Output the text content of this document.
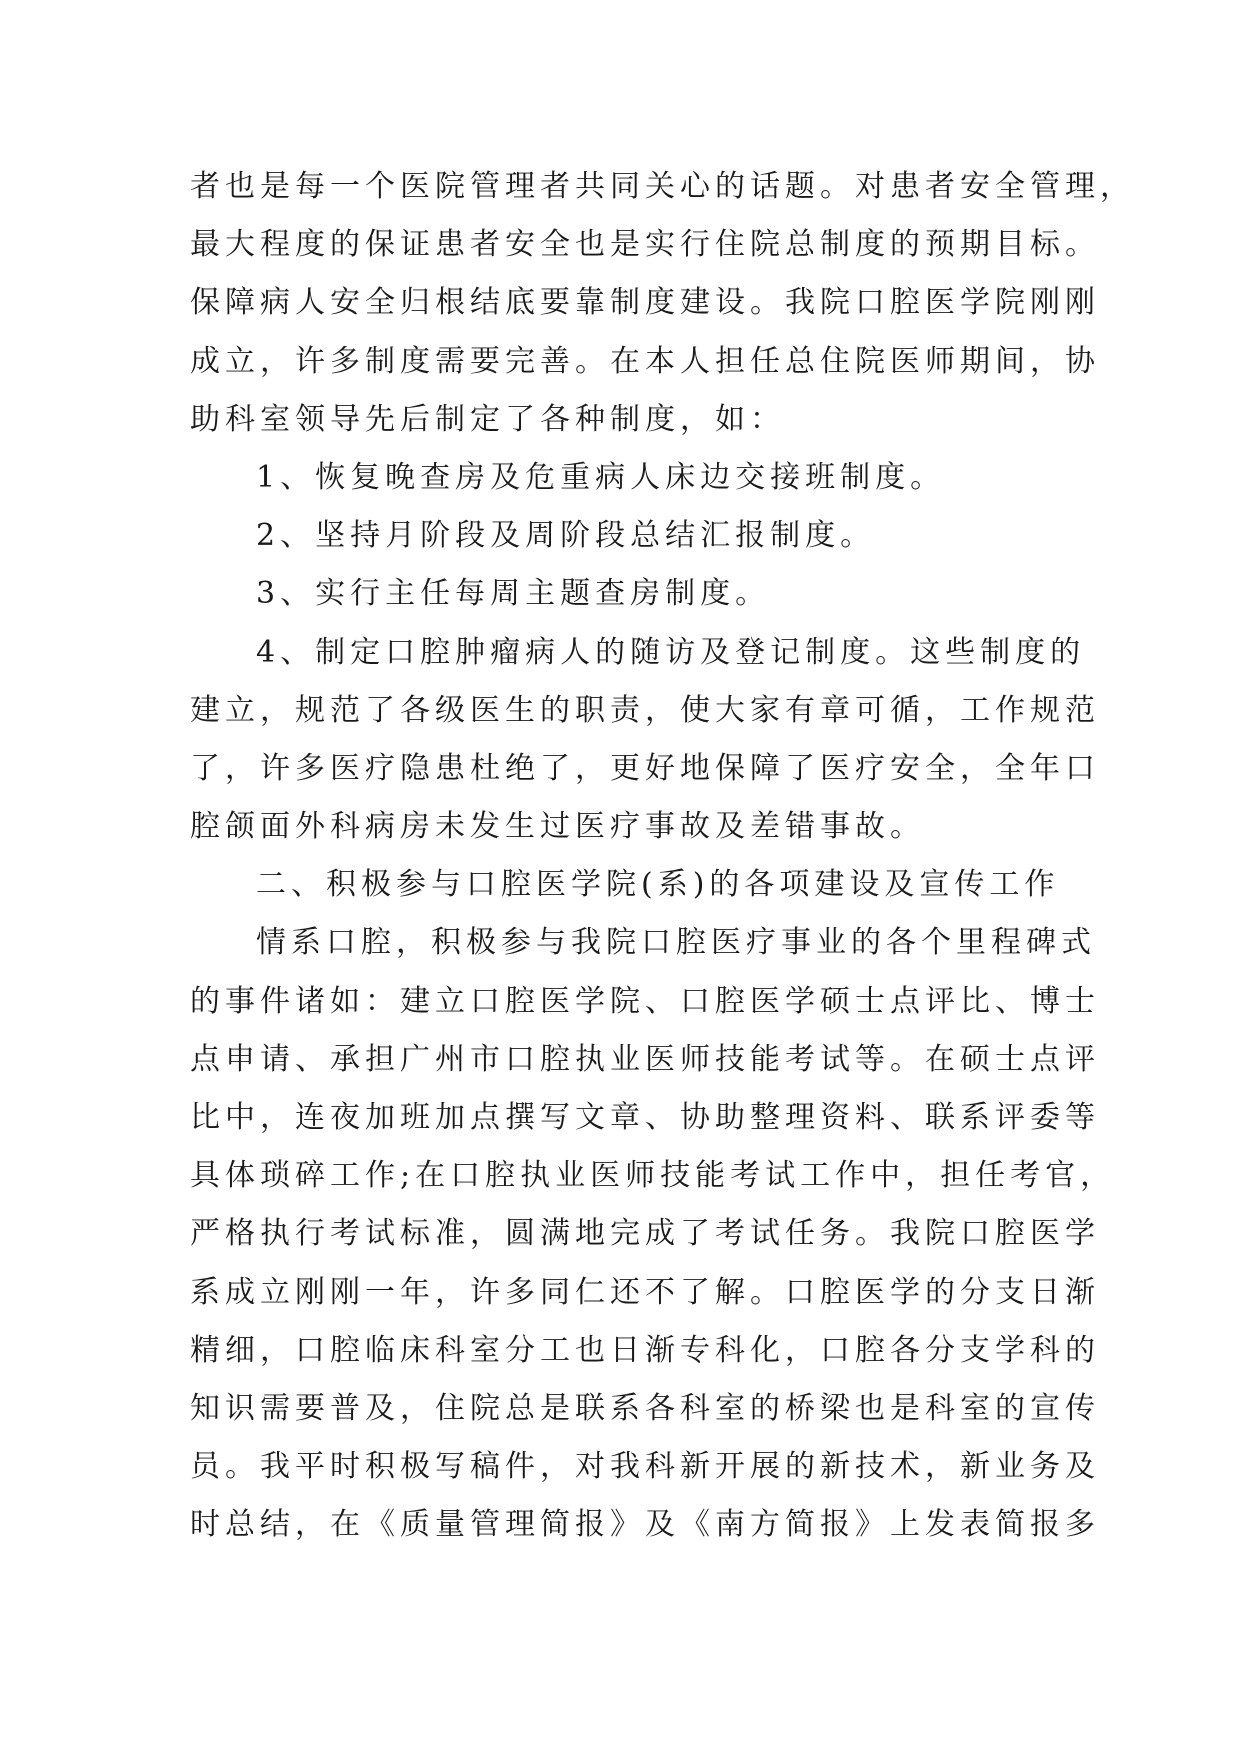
者也是每一个医院管理者共同关心的话题。对患者安全管理，
最大程度的保证患者安全也是实行住院总制度的预期目标。
保障病人安全归根结底要靠制度建设。我院口腔医学院刚刚
成立，许多制度需要完善。在本人担任总住院医师期间，协
助科室领导先后制定了各种制度，如：
1、恢复晚查房及危重病人床边交接班制度。
2、坚持月阶段及周阶段总结汇报制度。
3、实行主任每周主题查房制度。
4、制定口腔肿瘤病人的随访及登记制度。这些制度的
建立，规范了各级医生的职责，使大家有章可循，工作规范
了，许多医疗隐患杜绝了，更好地保障了医疗安全，全年口
腔颌面外科病房未发生过医疗事故及差错事故。
二、积极参与口腔医学院(系)的各项建设及宣传工作
情系口腔，积极参与我院口腔医疗事业的各个里程碑式
的事件诸如：建立口腔医学院、口腔医学硕士点评比、博士
点申请、承担广州市口腔执业医师技能考试等。在硕士点评
比中，连夜加班加点撰写文章、协助整理资料、联系评委等
具体琐碎工作;在口腔执业医师技能考试工作中，担任考官，
严格执行考试标准，圆满地完成了考试任务。我院口腔医学
系成立刚刚一年，许多同仁还不了解。口腔医学的分支日渐
精细，口腔临床科室分工也日渐专科化，口腔各分支学科的
知识需要普及，住院总是联系各科室的桥梁也是科室的宣传
员。我平时积极写稿件，对我科新开展的新技术，新业务及
时总结，在《质量管理简报》及《南方简报》上发表简报多
